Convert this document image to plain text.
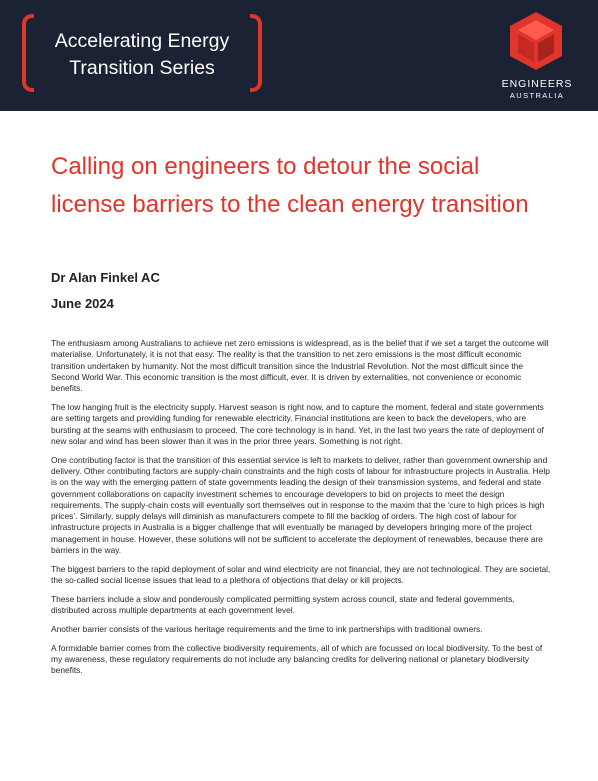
Accelerating Energy
Transition Series
ENGINEERS
AUSTRALIA
Calling on engineers to detour the social license barriers to the clean energy transition
Dr Alan Finkel AC
June 2024

The enthusiasm among Australians to achieve net zero emissions is widespread, as is the belief that if we set a target the outcome will materialise. Unfortunately, it is not that easy. The reality is that the transition to net zero emissions is the most difficult economic transition undertaken by humanity. Not the most difficult transition since the Industrial Revolution. Not the most difficult since the Second World War. This economic transition is the most difficult, ever. It is driven by externalities, not convenience or economic benefits.

The low hanging fruit is the electricity supply. Harvest season is right now, and to capture the moment, federal and state governments are setting targets and providing funding for renewable electricity. Financial institutions are keen to back the developers, who are bursting at the seams with enthusiasm to proceed. The core technology is in hand. Yet, in the last two years the rate of deployment of new solar and wind has been slower than it was in the prior three years. Something is not right.

One contributing factor is that the transition of this essential service is left to markets to deliver, rather than government ownership and delivery. Other contributing factors are supply-chain constraints and the high costs of labour for infrastructure projects in Australia. Help is on the way with the emerging pattern of state governments leading the design of their transmission systems, and federal and state government collaborations on capacity investment schemes to encourage developers to bid on projects to meet the design requirements. The supply-chain costs will eventually sort themselves out in response to the maxim that the ‘cure to high prices is high prices’. Similarly, supply delays will diminish as manufacturers compete to fill the backlog of orders. The high cost of labour for infrastructure projects in Australia is a bigger challenge that will eventually be managed by developers bringing more of the project management in house. However, these solutions will not be sufficient to accelerate the deployment of renewables, because there are barriers in the way.

The biggest barriers to the rapid deployment of solar and wind electricity are not financial, they are not technological. They are societal, the so-called social license issues that lead to a plethora of objections that delay or kill projects.

These barriers include a slow and ponderously complicated permitting system across council, state and federal governments, distributed across multiple departments at each government level.

Another barrier consists of the various heritage requirements and the time to ink partnerships with traditional owners.

A formidable barrier comes from the collective biodiversity requirements, all of which are focussed on local biodiversity. To the best of my awareness, these regulatory requirements do not include any balancing credits for delivering national or planetary biodiversity benefits.
